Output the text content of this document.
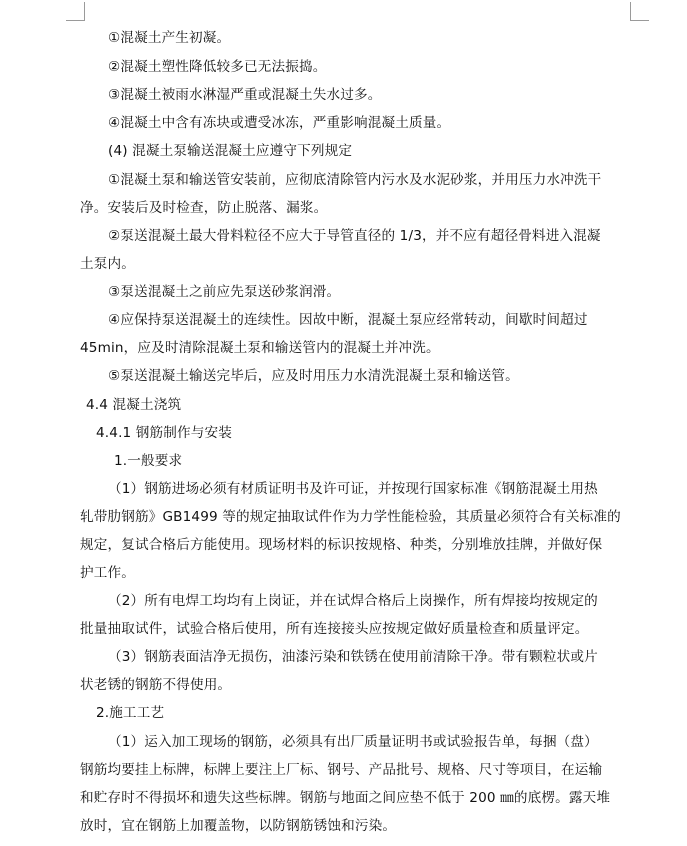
①混凝土产生初凝。
②混凝土塑性降低较多已无法振捣。
③混凝土被雨水淋湿严重或混凝土失水过多。
④混凝土中含有冻块或遭受冰冻，严重影响混凝土质量。
(4) 混凝土泵输送混凝土应遵守下列规定
①混凝土泵和输送管安装前，应彻底清除管内污水及水泥砂浆，并用压力水冲洗干
净。安装后及时检查，防止脱落、漏浆。
②泵送混凝土最大骨料粒径不应大于导管直径的 1/3，并不应有超径骨料进入混凝
土泵内。
③泵送混凝土之前应先泵送砂浆润滑。
④应保持泵送混凝土的连续性。因故中断，混凝土泵应经常转动，间歇时间超过
45min，应及时清除混凝土泵和输送管内的混凝土并冲洗。
⑤泵送混凝土输送完毕后，应及时用压力水清洗混凝土泵和输送管。
4.4 混凝土浇筑
4.4.1 钢筋制作与安装
1.一般要求
（1）钢筋进场必须有材质证明书及许可证，并按现行国家标准《钢筋混凝土用热
轧带肋钢筋》GB1499 等的规定抽取试件作为力学性能检验，其质量必须符合有关标准的
规定，复试合格后方能使用。现场材料的标识按规格、种类，分别堆放挂牌，并做好保
护工作。
（2）所有电焊工均均有上岗证，并在试焊合格后上岗操作，所有焊接均按规定的
批量抽取试件，试验合格后使用，所有连接接头应按规定做好质量检查和质量评定。
（3）钢筋表面洁净无损伤，油漆污染和铁锈在使用前清除干净。带有颗粒状或片
状老锈的钢筋不得使用。
2.施工工艺
（1）运入加工现场的钢筋，必须具有出厂质量证明书或试验报告单，每捆（盘）
钢筋均要挂上标牌，标牌上要注上厂标、钢号、产品批号、规格、尺寸等项目，在运输
和贮存时不得损坏和遗失这些标牌。钢筋与地面之间应垫不低于 200 ㎜的底楞。露天堆
放时，宜在钢筋上加覆盖物，以防钢筋锈蚀和污染。
